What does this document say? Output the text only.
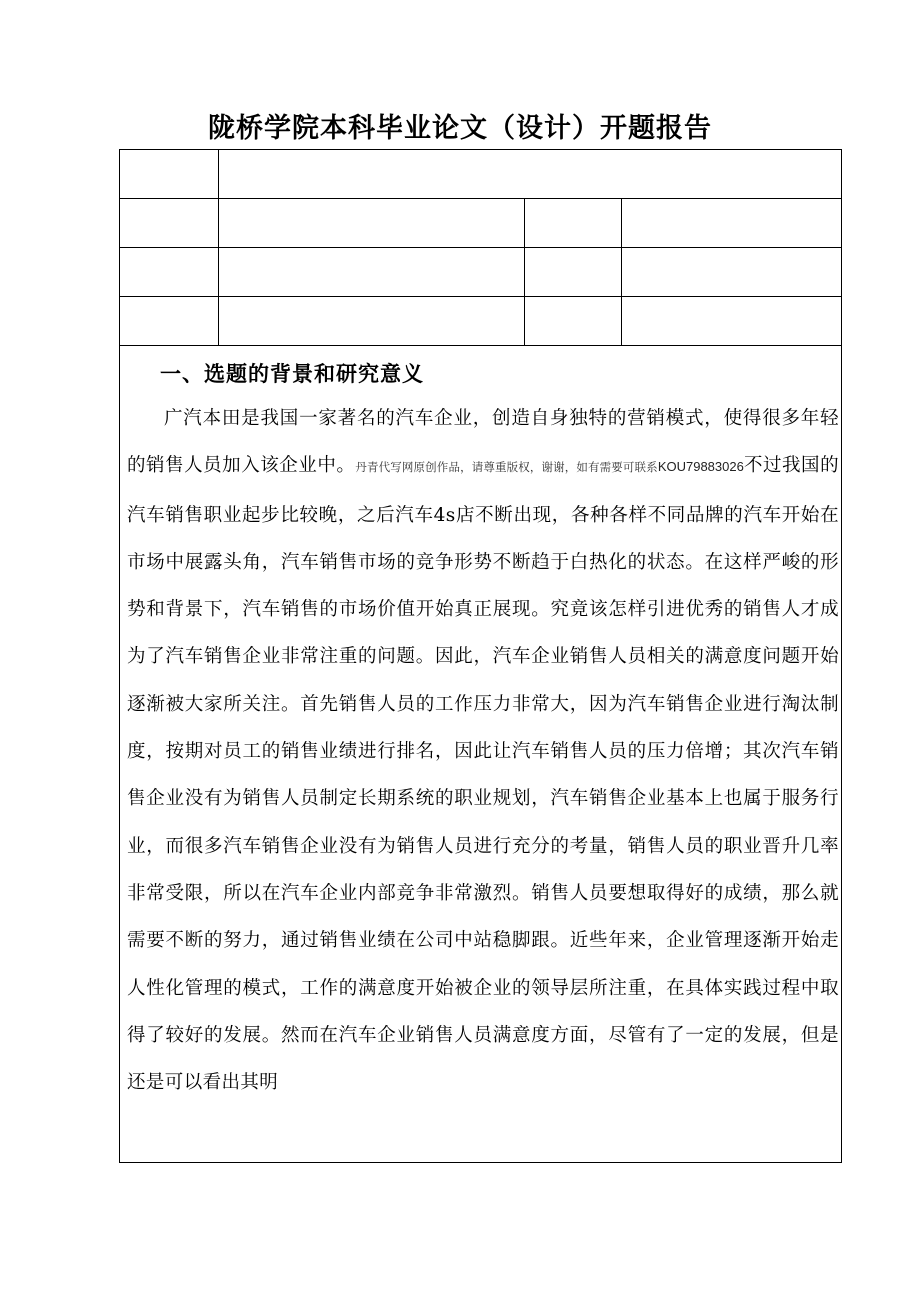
陇桥学院本科毕业论文（设计）开题报告
一、选题的背景和研究意义

广汽本田是我国一家著名的汽车企业，创造自身独特的营销模式，使得很多年轻的销售人员加入该企业中。丹青代写网原创作品，请尊重版权，谢谢，如有需要可联系KOU79883026不过我国的汽车销售职业起步比较晚，之后汽车4s店不断出现，各种各样不同品牌的汽车开始在市场中展露头角，汽车销售市场的竞争形势不断趋于白热化的状态。在这样严峻的形势和背景下，汽车销售的市场价值开始真正展现。究竟该怎样引进优秀的销售人才成为了汽车销售企业非常注重的问题。因此，汽车企业销售人员相关的满意度问题开始逐渐被大家所关注。首先销售人员的工作压力非常大，因为汽车销售企业进行淘汰制度，按期对员工的销售业绩进行排名，因此让汽车销售人员的压力倍增；其次汽车销售企业没有为销售人员制定长期系统的职业规划，汽车销售企业基本上也属于服务行业，而很多汽车销售企业没有为销售人员进行充分的考量，销售人员的职业晋升几率非常受限，所以在汽车企业内部竞争非常激烈。销售人员要想取得好的成绩，那么就需要不断的努力，通过销售业绩在公司中站稳脚跟。近些年来，企业管理逐渐开始走人性化管理的模式，工作的满意度开始被企业的领导层所注重，在具体实践过程中取得了较好的发展。然而在汽车企业销售人员满意度方面，尽管有了一定的发展，但是还是可以看出其明
